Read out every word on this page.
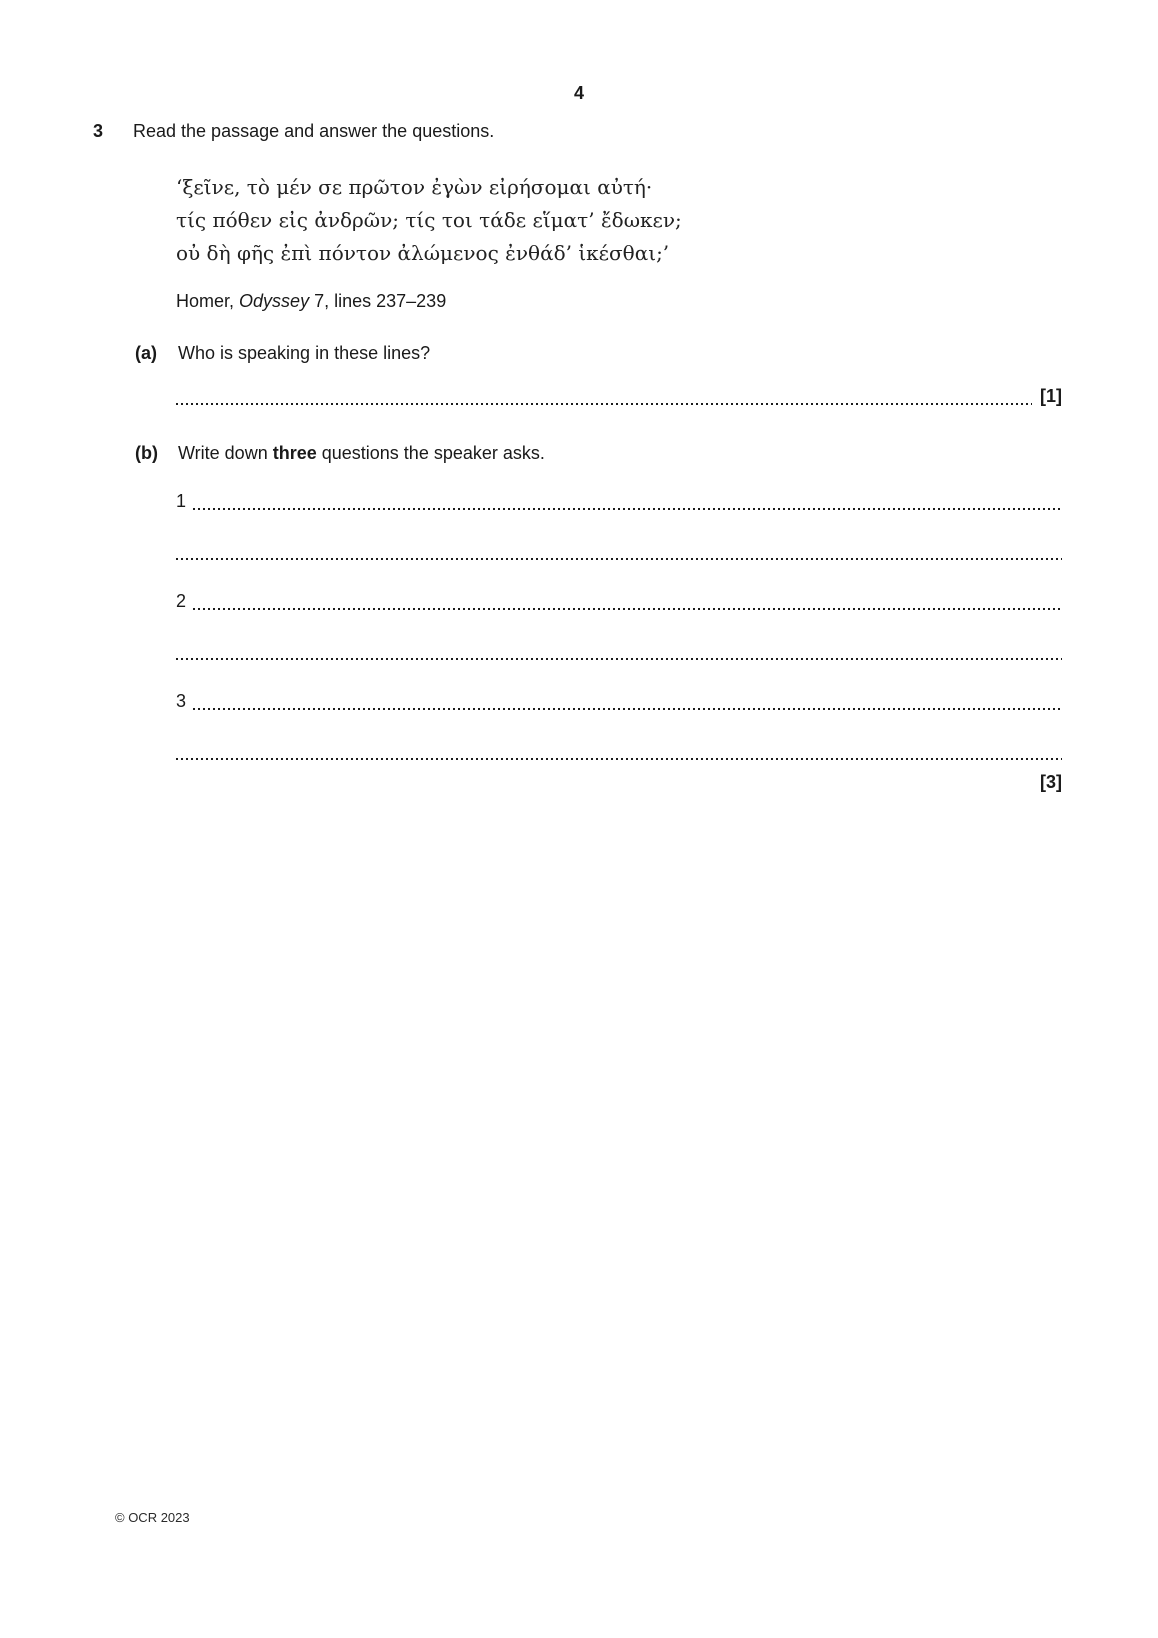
4
3	Read the passage and answer the questions.
‘ξεῖνε, τὸ μέν σε πρῶτον ἐγὼν εἰρήσομαι αὐτή·
τίς πόθεν εἰς ἀνδρῶν; τίς τοι τάδε εἵματ’ ἔδωκεν;
οὐ δὴ φῆς ἐπὶ πόντον ἀλώμενος ἐνθάδ’ ἱκέσθαι;’
Homer, Odyssey 7, lines 237–239
(a)	Who is speaking in these lines?
[1]
(b)	Write down three questions the speaker asks.
1
2
3
[3]
© OCR 2023
